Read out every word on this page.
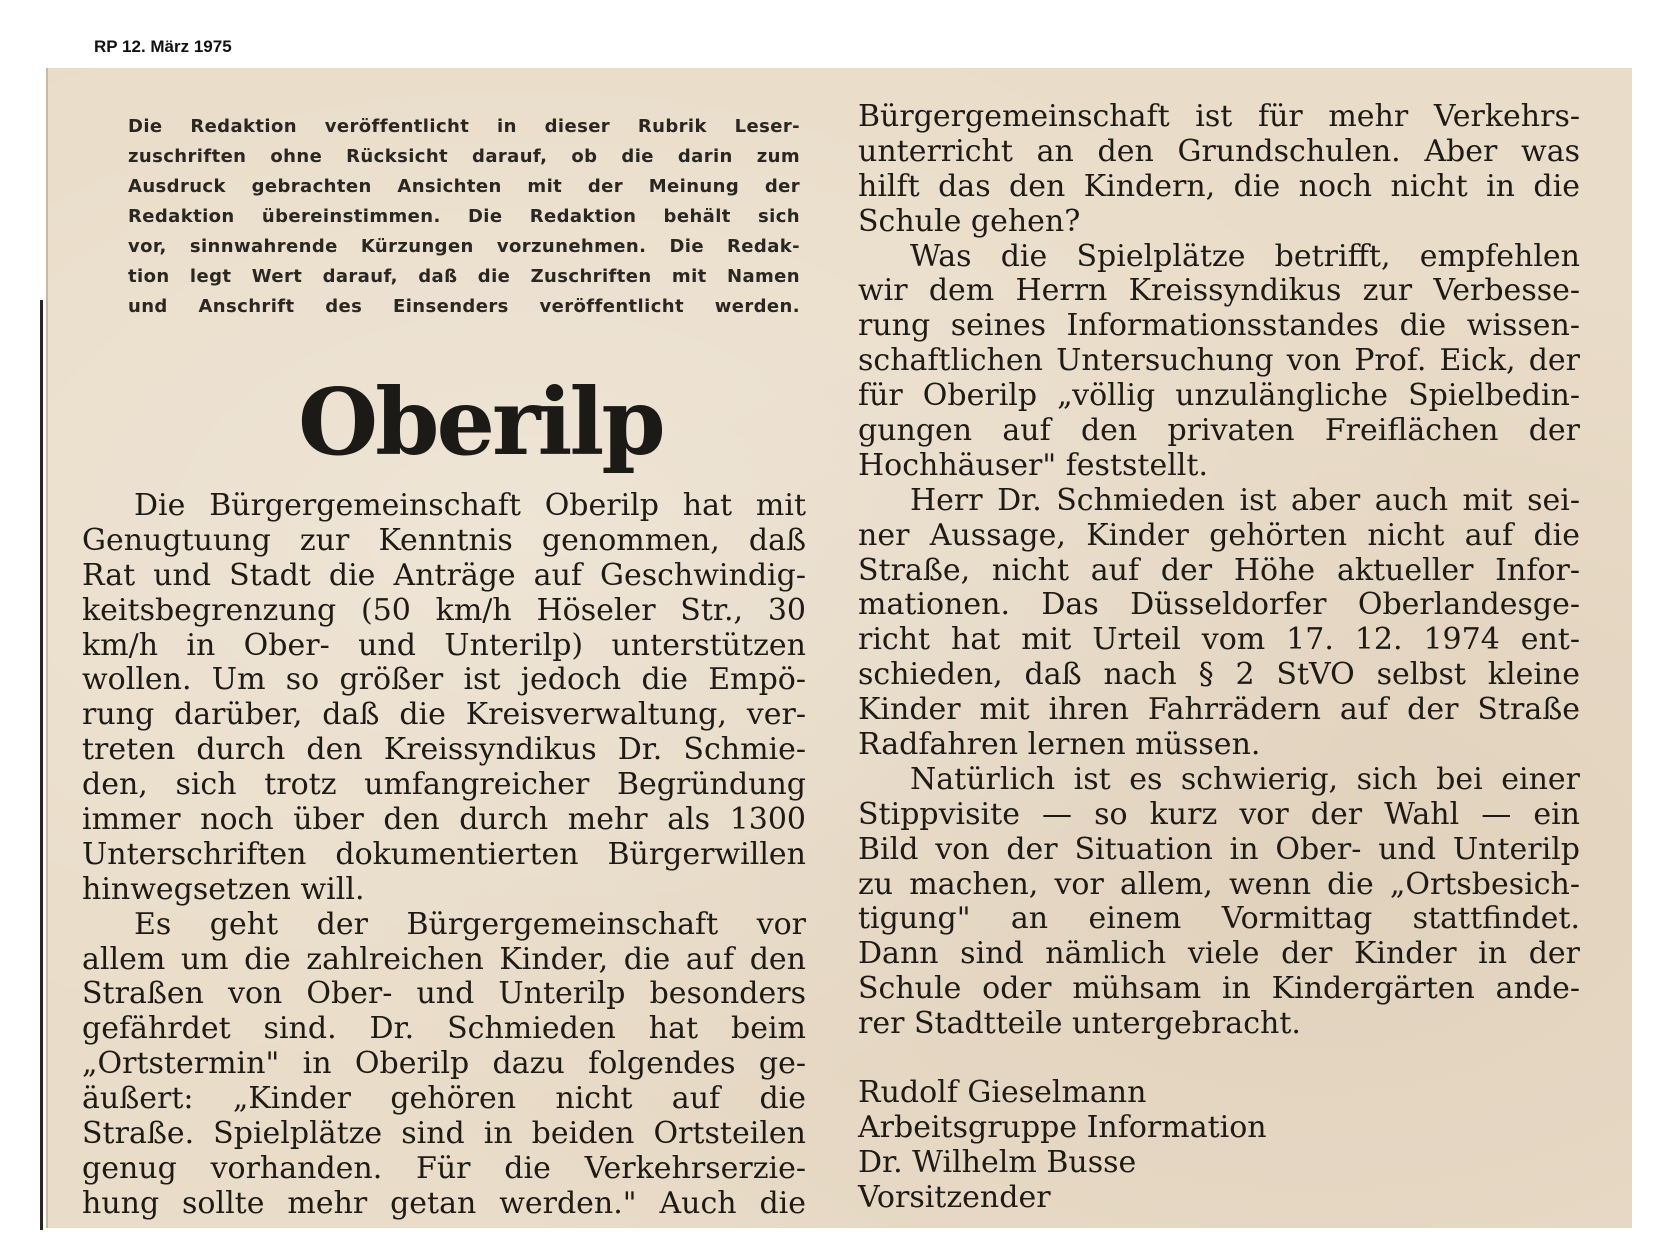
RP 12. März 1975
Die Redaktion veröffentlicht in dieser Rubrik Leser-
zuschriften ohne Rücksicht darauf, ob die darin zum
Ausdruck gebrachten Ansichten mit der Meinung der
Redaktion übereinstimmen. Die Redaktion behält sich
vor, sinnwahrende Kürzungen vorzunehmen. Die Redak-
tion legt Wert darauf, daß die Zuschriften mit Namen
und Anschrift des Einsenders veröffentlicht werden.
Oberilp
Die Bürgergemeinschaft Oberilp hat mit
Genugtuung zur Kenntnis genommen, daß
Rat und Stadt die Anträge auf Geschwindig-
keitsbegrenzung (50 km/h Höseler Str., 30
km/h in Ober- und Unterilp) unterstützen
wollen. Um so größer ist jedoch die Empö-
rung darüber, daß die Kreisverwaltung, ver-
treten durch den Kreissyndikus Dr. Schmie-
den, sich trotz umfangreicher Begründung
immer noch über den durch mehr als 1300
Unterschriften dokumentierten Bürgerwillen
hinwegsetzen will.
Es geht der Bürgergemeinschaft vor
allem um die zahlreichen Kinder, die auf den
Straßen von Ober- und Unterilp besonders
gefährdet sind. Dr. Schmieden hat beim
„Ortstermin" in Oberilp dazu folgendes ge-
äußert: „Kinder gehören nicht auf die
Straße. Spielplätze sind in beiden Ortsteilen
genug vorhanden. Für die Verkehrserzie-
hung sollte mehr getan werden." Auch die
Bürgergemeinschaft ist für mehr Verkehrs-
unterricht an den Grundschulen. Aber was
hilft das den Kindern, die noch nicht in die
Schule gehen?
Was die Spielplätze betrifft, empfehlen
wir dem Herrn Kreissyndikus zur Verbesse-
rung seines Informationsstandes die wissen-
schaftlichen Untersuchung von Prof. Eick, der
für Oberilp „völlig unzulängliche Spielbedin-
gungen auf den privaten Freiflächen der
Hochhäuser" feststellt.
Herr Dr. Schmieden ist aber auch mit sei-
ner Aussage, Kinder gehörten nicht auf die
Straße, nicht auf der Höhe aktueller Infor-
mationen. Das Düsseldorfer Oberlandesge-
richt hat mit Urteil vom 17. 12. 1974 ent-
schieden, daß nach § 2 StVO selbst kleine
Kinder mit ihren Fahrrädern auf der Straße
Radfahren lernen müssen.
Natürlich ist es schwierig, sich bei einer
Stippvisite — so kurz vor der Wahl — ein
Bild von der Situation in Ober- und Unterilp
zu machen, vor allem, wenn die „Ortsbesich-
tigung" an einem Vormittag stattfindet.
Dann sind nämlich viele der Kinder in der
Schule oder mühsam in Kindergärten ande-
rer Stadtteile untergebracht.
Rudolf Gieselmann
Arbeitsgruppe Information
Dr. Wilhelm Busse
Vorsitzender
